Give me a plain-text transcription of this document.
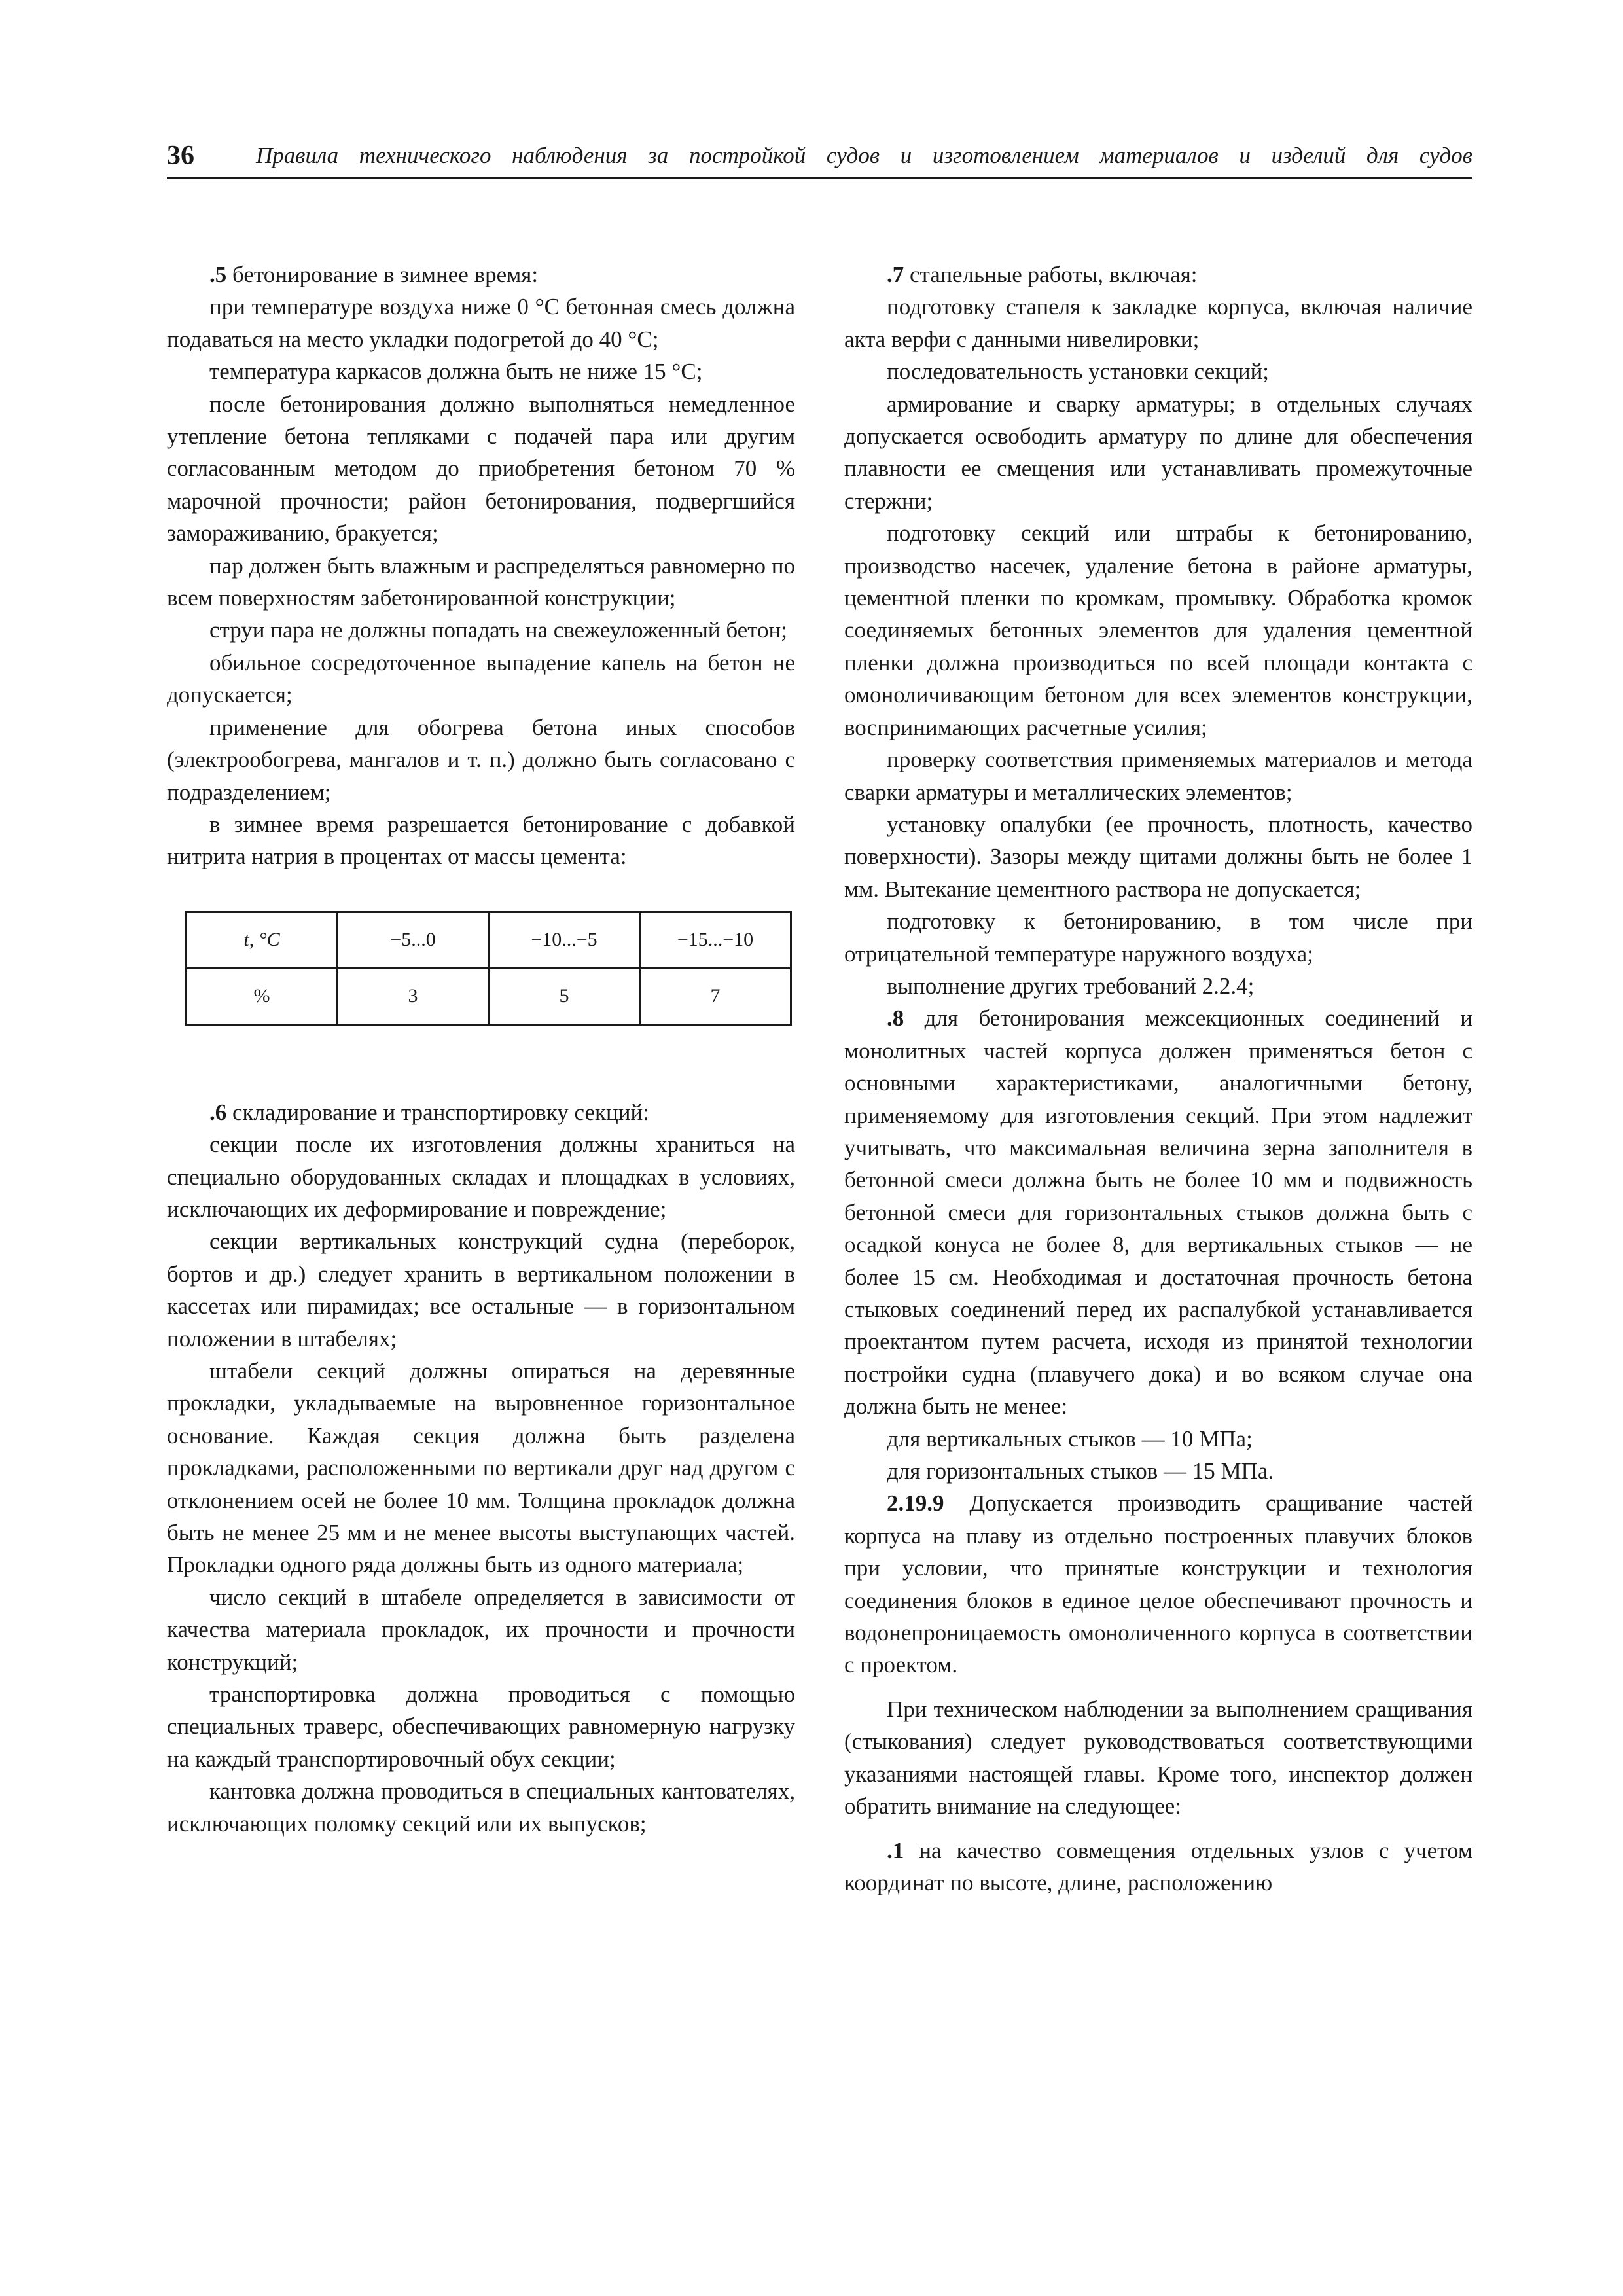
36	Правила технического наблюдения за постройкой судов и изготовлением материалов и изделий для судов

.5 бетонирование в зимнее время:

при температуре воздуха ниже 0 °С бетонная смесь должна подаваться на место укладки подогретой до 40 °С;

температура каркасов должна быть не ниже 15 °С;

после бетонирования должно выполняться немедленное утепление бетона тепляками с подачей пара или другим согласованным методом до приобретения бетоном 70 % марочной прочности; район бетонирования, подвергшийся замораживанию, бракуется;

пар должен быть влажным и распределяться равномерно по всем поверхностям забетонированной конструкции;

струи пара не должны попадать на свежеуложенный бетон;

обильное сосредоточенное выпадение капель на бетон не допускается;

применение для обогрева бетона иных способов (электрообогрева, мангалов и т. п.) должно быть согласовано с подразделением;

в зимнее время разрешается бетонирование с добавкой нитрита натрия в процентах от массы цемента:

t, °С	−5...0	−10...−5	−15...−10
%	3	5	7

.6 складирование и транспортировку секций:

секции после их изготовления должны храниться на специально оборудованных складах и площадках в условиях, исключающих их деформирование и повреждение;

секции вертикальных конструкций судна (переборок, бортов и др.) следует хранить в вертикальном положении в кассетах или пирамидах; все остальные — в горизонтальном положении в штабелях;

штабели секций должны опираться на деревянные прокладки, укладываемые на выровненное горизонтальное основание. Каждая секция должна быть разделена прокладками, расположенными по вертикали друг над другом с отклонением осей не более 10 мм. Толщина прокладок должна быть не менее 25 мм и не менее высоты выступающих частей. Прокладки одного ряда должны быть из одного материала;

число секций в штабеле определяется в зависимости от качества материала прокладок, их прочности и прочности конструкций;

транспортировка должна проводиться с помощью специальных траверс, обеспечивающих равномерную нагрузку на каждый транспортировочный обух секции;

кантовка должна проводиться в специальных кантователях, исключающих поломку секций или их выпусков;

.7 стапельные работы, включая:

подготовку стапеля к закладке корпуса, включая наличие акта верфи с данными нивелировки;

последовательность установки секций;

армирование и сварку арматуры; в отдельных случаях допускается освободить арматуру по длине для обеспечения плавности ее смещения или устанавливать промежуточные стержни;

подготовку секций или штрабы к бетонированию, производство насечек, удаление бетона в районе арматуры, цементной пленки по кромкам, промывку. Обработка кромок соединяемых бетонных элементов для удаления цементной пленки должна производиться по всей площади контакта с омоноличивающим бетоном для всех элементов конструкции, воспринимающих расчетные усилия;

проверку соответствия применяемых материалов и метода сварки арматуры и металлических элементов;

установку опалубки (ее прочность, плотность, качество поверхности). Зазоры между щитами должны быть не более 1 мм. Вытекание цементного раствора не допускается;

подготовку к бетонированию, в том числе при отрицательной температуре наружного воздуха;

выполнение других требований 2.2.4;

.8 для бетонирования межсекционных соединений и монолитных частей корпуса должен применяться бетон с основными характеристиками, аналогичными бетону, применяемому для изготовления секций. При этом надлежит учитывать, что максимальная величина зерна заполнителя в бетонной смеси должна быть не более 10 мм и подвижность бетонной смеси для горизонтальных стыков должна быть с осадкой конуса не более 8, для вертикальных стыков — не более 15 см. Необходимая и достаточная прочность бетона стыковых соединений перед их распалубкой устанавливается проектантом путем расчета, исходя из принятой технологии постройки судна (плавучего дока) и во всяком случае она должна быть не менее:

для вертикальных стыков — 10 МПа;

для горизонтальных стыков — 15 МПа.

2.19.9 Допускается производить сращивание частей корпуса на плаву из отдельно построенных плавучих блоков при условии, что принятые конструкции и технология соединения блоков в единое целое обеспечивают прочность и водонепроницаемость омоноличенного корпуса в соответствии с проектом.

При техническом наблюдении за выполнением сращивания (стыкования) следует руководствоваться соответствующими указаниями настоящей главы. Кроме того, инспектор должен обратить внимание на следующее:

.1 на качество совмещения отдельных узлов с учетом координат по высоте, длине, расположению
